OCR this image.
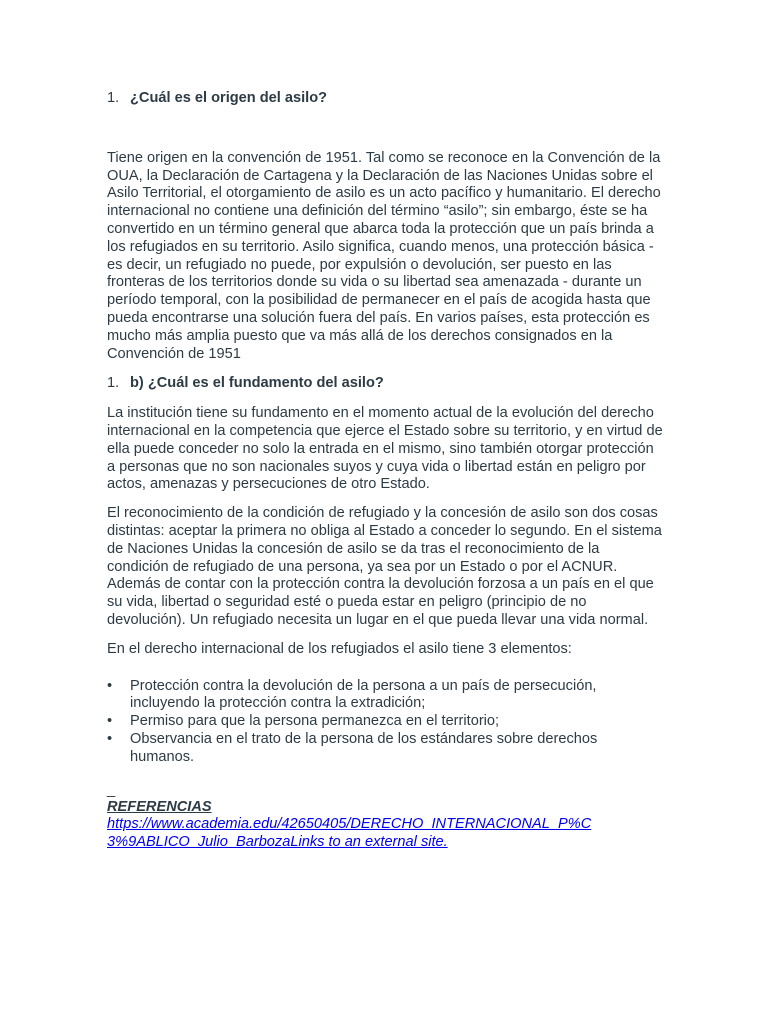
1. ¿Cuál es el origen del asilo?

Tiene origen en la convención de 1951. Tal como se reconoce en la Convención de la OUA, la Declaración de Cartagena y la Declaración de las Naciones Unidas sobre el Asilo Territorial, el otorgamiento de asilo es un acto pacífico y humanitario. El derecho internacional no contiene una definición del término “asilo”; sin embargo, éste se ha convertido en un término general que abarca toda la protección que un país brinda a los refugiados en su territorio. Asilo significa, cuando menos, una protección básica - es decir, un refugiado no puede, por expulsión o devolución, ser puesto en las fronteras de los territorios donde su vida o su libertad sea amenazada - durante un período temporal, con la posibilidad de permanecer en el país de acogida hasta que pueda encontrarse una solución fuera del país. En varios países, esta protección es mucho más amplia puesto que va más allá de los derechos consignados en la Convención de 1951

1. b) ¿Cuál es el fundamento del asilo?

La institución tiene su fundamento en el momento actual de la evolución del derecho internacional en la competencia que ejerce el Estado sobre su territorio, y en virtud de ella puede conceder no solo la entrada en el mismo, sino también otorgar protección a personas que no son nacionales suyos y cuya vida o libertad están en peligro por actos, amenazas y persecuciones de otro Estado.

El reconocimiento de la condición de refugiado y la concesión de asilo son dos cosas distintas: aceptar la primera no obliga al Estado a conceder lo segundo. En el sistema de Naciones Unidas la concesión de asilo se da tras el reconocimiento de la condición de refugiado de una persona, ya sea por un Estado o por el ACNUR. Además de contar con la protección contra la devolución forzosa a un país en el que su vida, libertad o seguridad esté o pueda estar en peligro (principio de no devolución). Un refugiado necesita un lugar en el que pueda llevar una vida normal.

En el derecho internacional de los refugiados el asilo tiene 3 elementos:

• Protección contra la devolución de la persona a un país de persecución, incluyendo la protección contra la extradición;
• Permiso para que la persona permanezca en el territorio;
• Observancia en el trato de la persona de los estándares sobre derechos humanos.
_
REFERENCIAS
https://www.academia.edu/42650405/DERECHO_INTERNACIONAL_P%C3%9ABLICO_Julio_BarbozaLinks to an external site.
